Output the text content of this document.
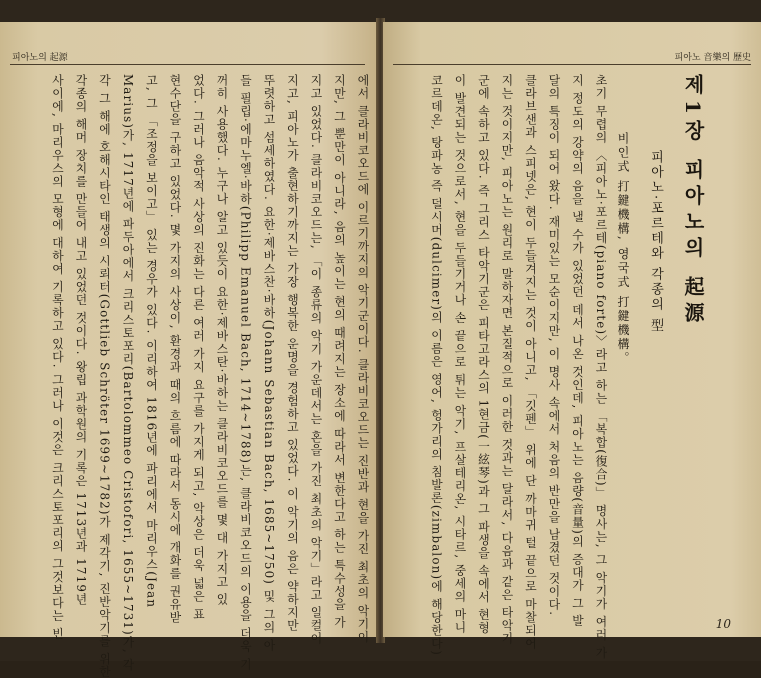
피아노의 起源
에서 클라비코오드에 이르기까지의 악기군이다. 클라비코오드는 진반과 현을 가진 최초의 악기이
지만, 그 뿐만이 아니라, 음의 높이는 현의 때려지는 장소에 따라서 변한다고 하는 특수성을 가
지고 있었다. 클라비코오드는, 「이 종류의 악기 가운데서는 혼을 가진 최초의 악기」라고 일컬어
지고, 피아노가 출현하기까지는 가장 행복한 운명을 경험하고 있었다. 이 악기의 음은 약하지만
뚜렷하고 섬세하였다. 요한·제바스찬·바하(Johann Sebastian Bach, 1685~1750) 및 그의 아
들 필립·에마누엘·바하(Philipp Emanuel Bach, 1714~1788)는, 클라비코오드의 이용을 더욱 기
꺼히 사용했다. 누구나 알고 있듯이 요한·제바스탄·바하는 클라비코오드를 몇 대 가지고 있
었다. 그러나 음악적 사상의 진화는 다른 여러 가지 요구를 가지게 되고, 악상은 더욱 넓은 표
현수단을 구하고 있었다. 몇 가지의 사상이, 환경과 때의 흐름에 따라서 동시에 개화를 권유받
고, 그 「조정을 보이고」 있는 경우가 있다. 이리하여 1816년에 파리에서 마리우스(Jean
Marius)가, 1717년에 파두아에서 크리스토포리(Bartolommeo Cristofori, 1655~1731)가, 각
각 그 해에 호해시타인 태생의 시뢰터(Gottlieb Schröter 1699~1782)가 제각기, 진반악기를 위한
각종의 해머 장치를 만들어 내고 있었던 것이다. 왕립 과학원의 기록은 1713년과 1719년
사이에, 마리우스의 모형에 대하여 기록하고 있다. 그러나 이것은 크리스토포리의 그것보다는 빈
피아노 音樂의 歷史
제1장 피아노의 起源
피아노·포르테와 각종의 型
비인式 打鍵機構, 영국式 打鍵機構。
초기 무렵의 〈피아노·포르테(piano forte)〉라고 하는 「복합(復合)」 명사는, 그 악기가 여러 가
지 정도의 강약의 음을 낼 수가 있었던 데서 나온 것인데, 피아노는 음량(音量)의 증대가 그 발
달의 특징이 되어 왔다. 재미있는 모순이지만, 이 명사 속에서 처음의 반만을 남겼던 것이다.
클라브샌과 스피넷은, 현이 두들겨지는 것이 아니고, 「깃펜」 위에 단 까마귀 털 끝으로 마찰되어
지는 것이지만, 피아노는 원리로 말하자면 본질적으로 이러한 것과는 달라서, 다음과 같은 타악기
군에 속하고 있다. 즉 그리스 타악기군은 피타고라스의 1현금(一絃琴)과 그 파생을 속에서 현형
이 발견되는 것으로서, 현을 두들기거나 손 끝으로 튀는 악기, 프살테리온, 시타르, 중세의 마니
코르데온, 탕파농 즉 덜시머(dulcimer)의 이름은 영어, 헝가리의 침발론(zimbalon)에 해당한다)	10
